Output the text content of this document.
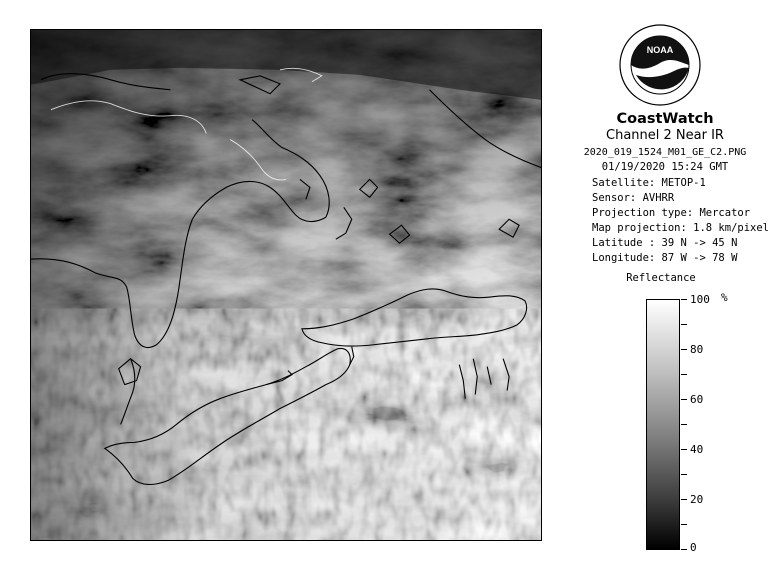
NOAA
CoastWatch
Channel 2 Near IR
2020_019_1524_M01_GE_C2.PNG
01/19/2020 15:24 GMT
Satellite: METOP-1
Sensor: AVHRR
Projection type: Mercator
Map projection: 1.8 km/pixel
Latitude : 39 N -> 45 N
Longitude: 87 W -> 78 W
Reflectance
%
100
80
60
40
20
0
